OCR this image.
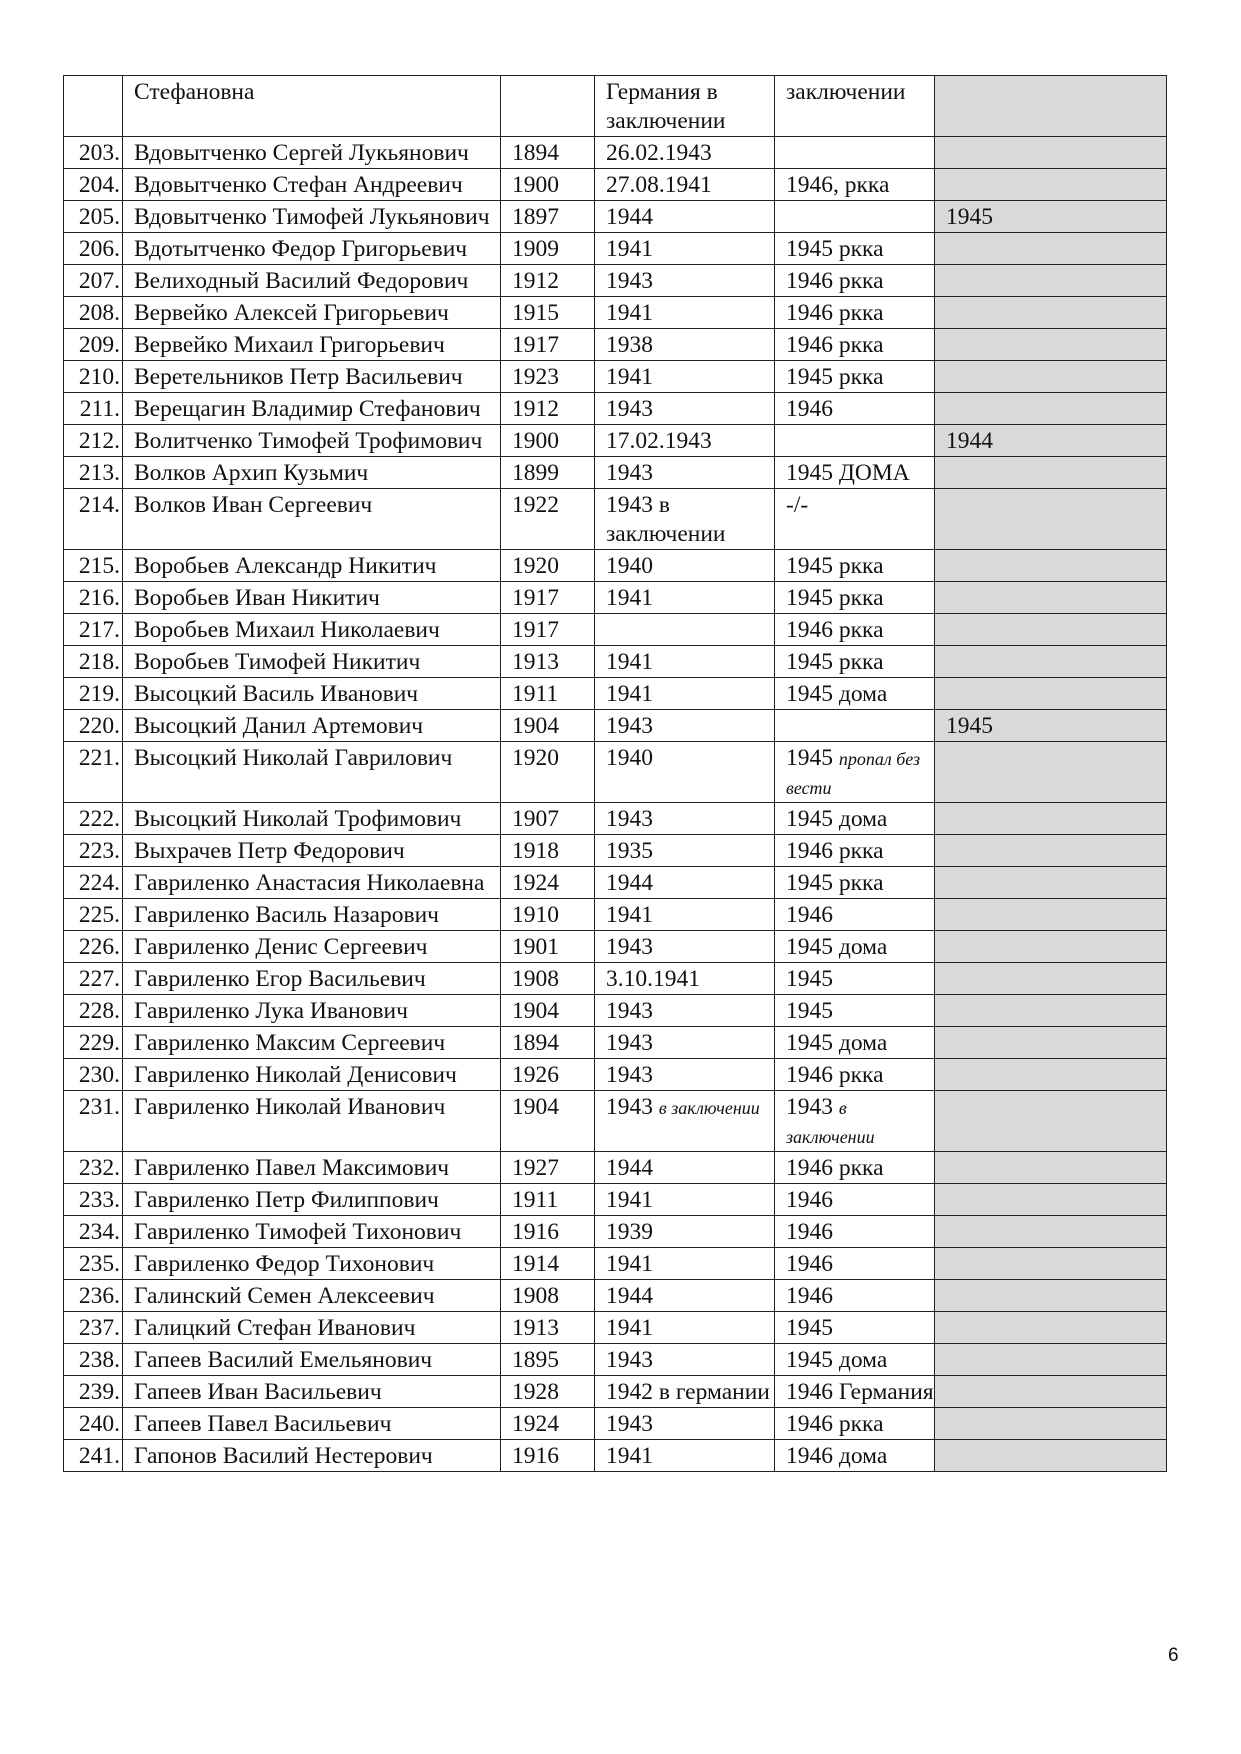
	Стефановна		Германия в заключении	заключении	
203.	Вдовытченко Сергей Лукьянович	1894	26.02.1943		
204.	Вдовытченко Стефан Андреевич	1900	27.08.1941	1946, ркка	
205.	Вдовытченко Тимофей Лукьянович	1897	1944		1945
206.	Вдотытченко Федор Григорьевич	1909	1941	1945 ркка	
207.	Велиходный Василий Федорович	1912	1943	1946 ркка	
208.	Вервейко Алексей Григорьевич	1915	1941	1946 ркка	
209.	Вервейко Михаил Григорьевич	1917	1938	1946 ркка	
210.	Веретельников Петр Васильевич	1923	1941	1945 ркка	
211.	Верещагин Владимир Стефанович	1912	1943	1946	
212.	Волитченко Тимофей Трофимович	1900	17.02.1943		1944
213.	Волков Архип Кузьмич	1899	1943	1945 ДОМА	
214.	Волков Иван Сергеевич	1922	1943 в заключении	-/-	
215.	Воробьев Александр Никитич	1920	1940	1945 ркка	
216.	Воробьев Иван Никитич	1917	1941	1945 ркка	
217.	Воробьев Михаил Николаевич	1917		1946 ркка	
218.	Воробьев Тимофей Никитич	1913	1941	1945 ркка	
219.	Высоцкий Василь Иванович	1911	1941	1945 дома	
220.	Высоцкий Данил Артемович	1904	1943		1945
221.	Высоцкий Николай Гаврилович	1920	1940	1945 пропал без вести	
222.	Высоцкий Николай Трофимович	1907	1943	1945 дома	
223.	Выхрачев Петр Федорович	1918	1935	1946 ркка	
224.	Гавриленко Анастасия Николаевна	1924	1944	1945 ркка	
225.	Гавриленко Василь Назарович	1910	1941	1946	
226.	Гавриленко Денис Сергеевич	1901	1943	1945 дома	
227.	Гавриленко Егор Васильевич	1908	3.10.1941	1945	
228.	Гавриленко Лука Иванович	1904	1943	1945	
229.	Гавриленко Максим Сергеевич	1894	1943	1945 дома	
230.	Гавриленко Николай Денисович	1926	1943	1946 ркка	
231.	Гавриленко Николай Иванович	1904	1943 в заключении	1943 в заключении	
232.	Гавриленко Павел Максимович	1927	1944	1946 ркка	
233.	Гавриленко Петр Филиппович	1911	1941	1946	
234.	Гавриленко Тимофей Тихонович	1916	1939	1946	
235.	Гавриленко Федор Тихонович	1914	1941	1946	
236.	Галинский Семен Алексеевич	1908	1944	1946	
237.	Галицкий Стефан Иванович	1913	1941	1945	
238.	Гапеев Василий Емельянович	1895	1943	1945 дома	
239.	Гапеев Иван Васильевич	1928	1942 в германии	1946 Германия	
240.	Гапеев Павел Васильевич	1924	1943	1946 ркка	
241.	Гапонов Василий Нестерович	1916	1941	1946 дома	
6
